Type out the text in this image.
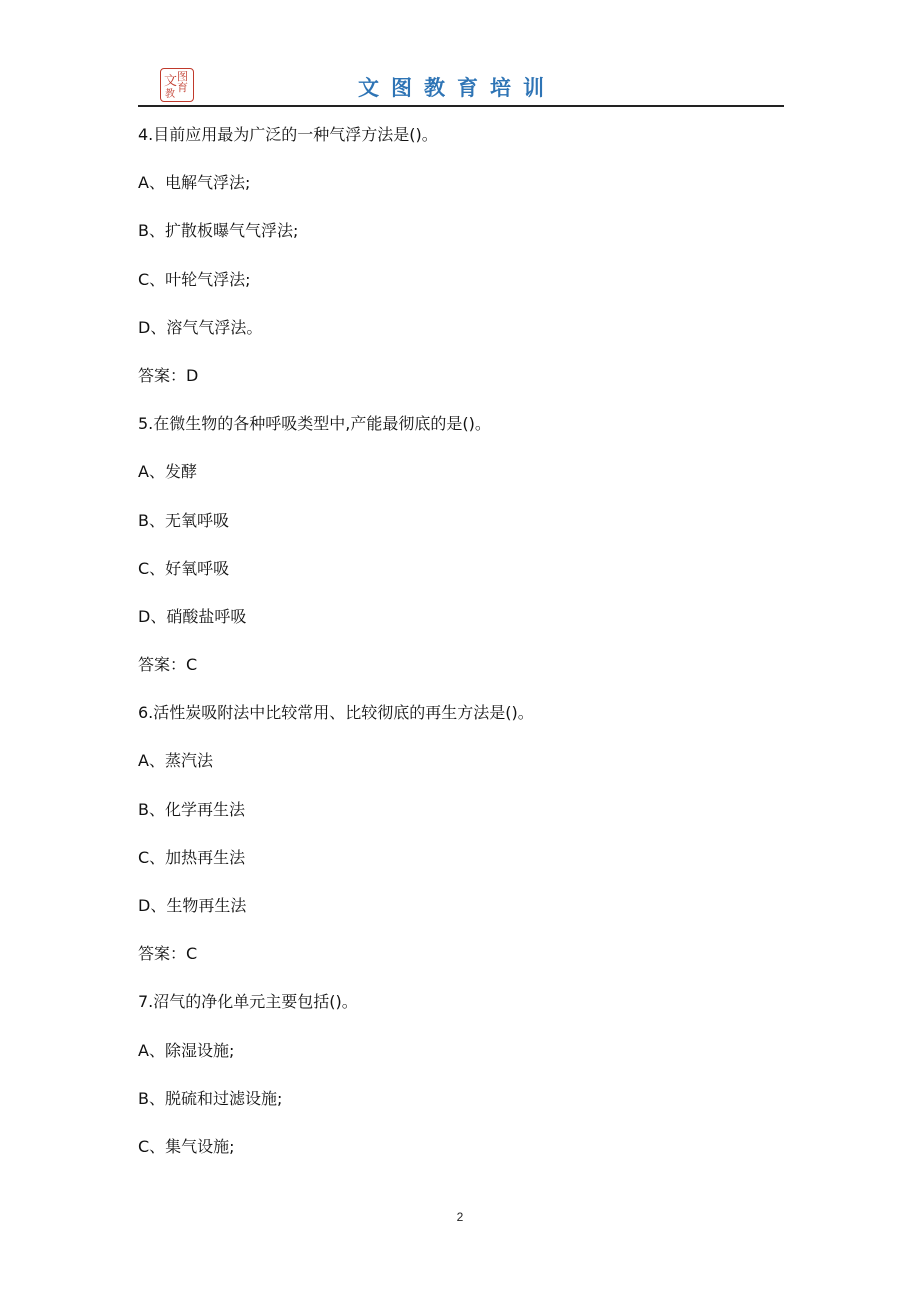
图
文 育
教	文图教育培训
4.目前应用最为广泛的一种气浮方法是()。
A、电解气浮法;
B、扩散板曝气气浮法;
C、叶轮气浮法;
D、溶气气浮法。
答案：D
5.在微生物的各种呼吸类型中,产能最彻底的是()。
A、发酵
B、无氧呼吸
C、好氧呼吸
D、硝酸盐呼吸
答案：C
6.活性炭吸附法中比较常用、比较彻底的再生方法是()。
A、蒸汽法
B、化学再生法
C、加热再生法
D、生物再生法
答案：C
7.沼气的净化单元主要包括()。
A、除湿设施;
B、脱硫和过滤设施;
C、集气设施;
2
